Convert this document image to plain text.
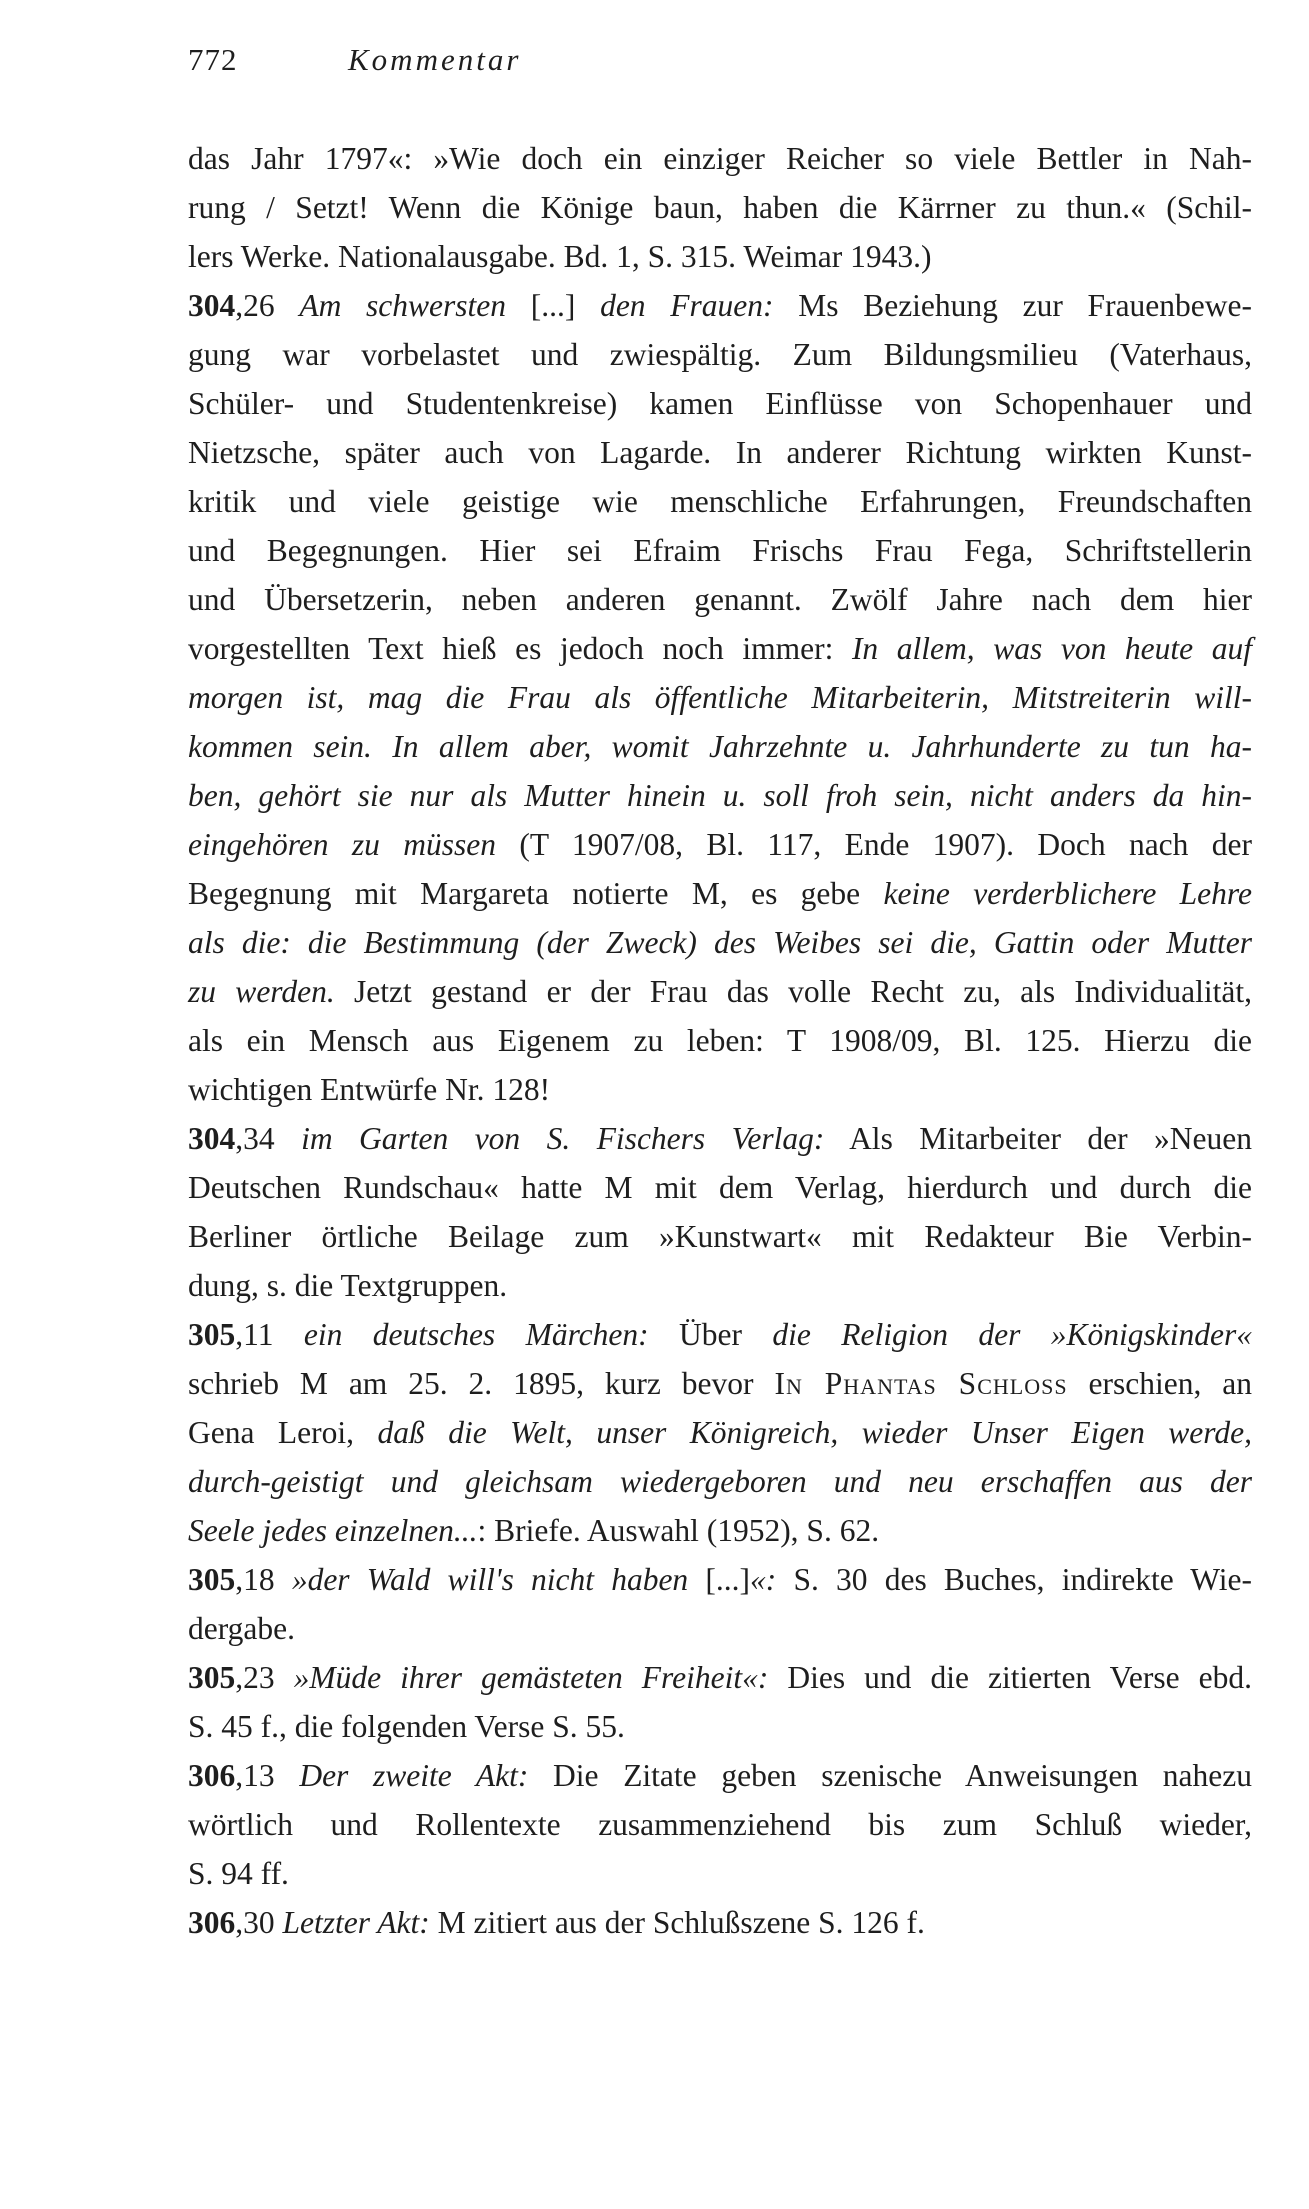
772	Kommentar
das Jahr 1797«: »Wie doch ein einziger Reicher so viele Bettler in Nah-
rung / Setzt! Wenn die Könige baun, haben die Kärrner zu thun.« (Schil-
lers Werke. Nationalausgabe. Bd. 1, S. 315. Weimar 1943.)
304,26 Am schwersten [...] den Frauen: Ms Beziehung zur Frauenbewe-
gung war vorbelastet und zwiespältig. Zum Bildungsmilieu (Vaterhaus,
Schüler- und Studentenkreise) kamen Einflüsse von Schopenhauer und
Nietzsche, später auch von Lagarde. In anderer Richtung wirkten Kunst-
kritik und viele geistige wie menschliche Erfahrungen, Freundschaften
und Begegnungen. Hier sei Efraim Frischs Frau Fega, Schriftstellerin
und Übersetzerin, neben anderen genannt. Zwölf Jahre nach dem hier
vorgestellten Text hieß es jedoch noch immer: In allem, was von heute auf
morgen ist, mag die Frau als öffentliche Mitarbeiterin, Mitstreiterin will-
kommen sein. In allem aber, womit Jahrzehnte u. Jahrhunderte zu tun ha-
ben, gehört sie nur als Mutter hinein u. soll froh sein, nicht anders da hin-
eingehören zu müssen (T 1907/08, Bl. 117, Ende 1907). Doch nach der
Begegnung mit Margareta notierte M, es gebe keine verderblichere Lehre
als die: die Bestimmung (der Zweck) des Weibes sei die, Gattin oder Mutter
zu werden. Jetzt gestand er der Frau das volle Recht zu, als Individualität,
als ein Mensch aus Eigenem zu leben: T 1908/09, Bl. 125. Hierzu die
wichtigen Entwürfe Nr. 128!
304,34 im Garten von S. Fischers Verlag: Als Mitarbeiter der »Neuen
Deutschen Rundschau« hatte M mit dem Verlag, hierdurch und durch die
Berliner örtliche Beilage zum »Kunstwart« mit Redakteur Bie Verbin-
dung, s. die Textgruppen.
305,11 ein deutsches Märchen: Über die Religion der »Königskinder«
schrieb M am 25. 2. 1895, kurz bevor In Phantas Schloss erschien, an
Gena Leroi, daß die Welt, unser Königreich, wieder Unser Eigen werde,
durch-geistigt und gleichsam wiedergeboren und neu erschaffen aus der
Seele jedes einzelnen...: Briefe. Auswahl (1952), S. 62.
305,18 »der Wald will's nicht haben [...]«: S. 30 des Buches, indirekte Wie-
dergabe.
305,23 »Müde ihrer gemästeten Freiheit«: Dies und die zitierten Verse ebd.
S. 45 f., die folgenden Verse S. 55.
306,13 Der zweite Akt: Die Zitate geben szenische Anweisungen nahezu
wörtlich und Rollentexte zusammenziehend bis zum Schluß wieder,
S. 94 ff.
306,30 Letzter Akt: M zitiert aus der Schlußszene S. 126 f.
